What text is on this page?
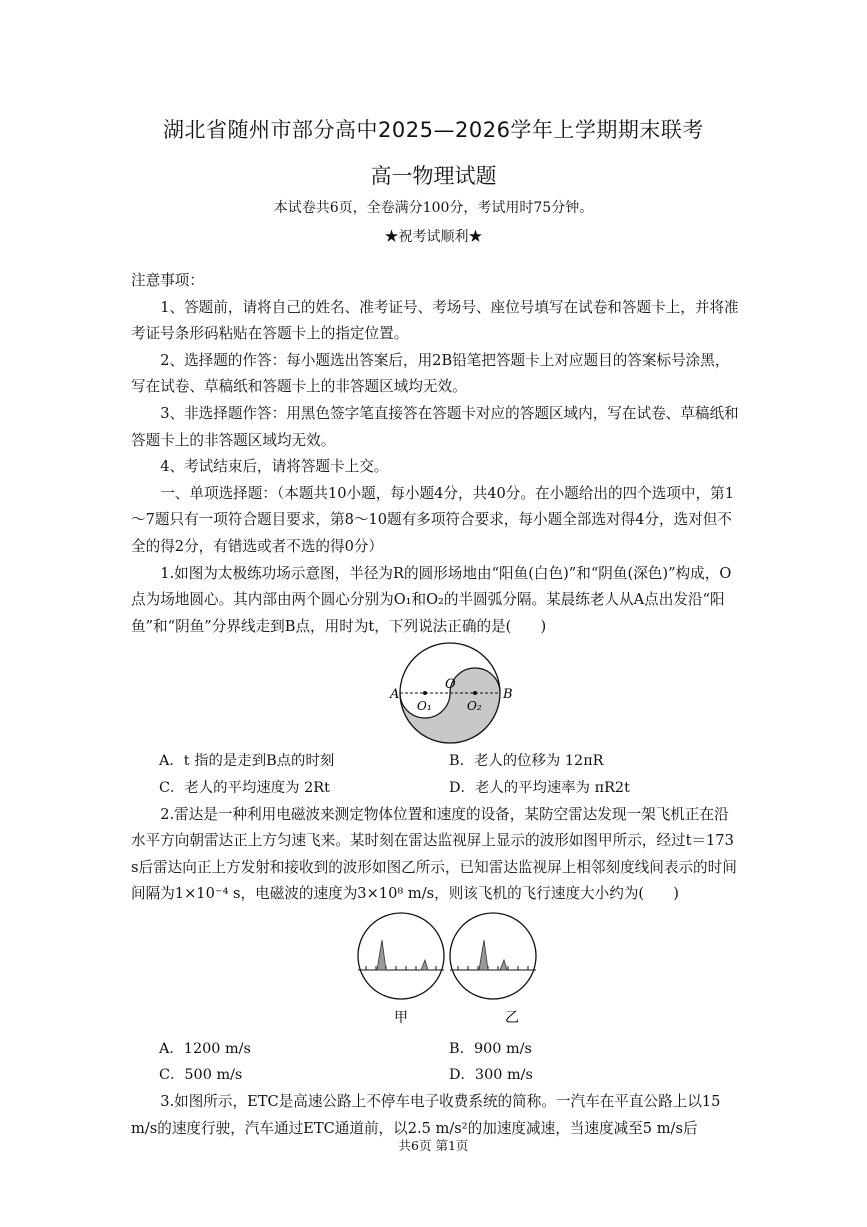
湖北省随州市部分高中2025—2026学年上学期期末联考
高一物理试题
本试卷共6页，全卷满分100分，考试用时75分钟。
★祝考试顺利★

注意事项：

1、答题前，请将自己的姓名、准考证号、考场号、座位号填写在试卷和答题卡上，并将准考证号条形码粘贴在答题卡上的指定位置。

2、选择题的作答：每小题选出答案后，用2B铅笔把答题卡上对应题目的答案标号涂黑，写在试卷、草稿纸和答题卡上的非答题区域均无效。

3、非选择题作答：用黑色签字笔直接答在答题卡对应的答题区域内，写在试卷、草稿纸和答题卡上的非答题区域均无效。

4、考试结束后，请将答题卡上交。

一、单项选择题：（本题共10小题，每小题4分，共40分。在小题给出的四个选项中，第1～7题只有一项符合题目要求，第8～10题有多项符合要求，每小题全部选对得4分，选对但不全的得2分，有错选或者不选的得0分）

1.如图为太极练功场示意图，半径为R的圆形场地由“阳鱼(白色)”和“阴鱼(深色)”构成，O点为场地圆心。其内部由两个圆心分别为O₁和O₂的半圆弧分隔。某晨练老人从A点出发沿“阳鱼”和“阴鱼”分界线走到B点，用时为t，下列说法正确的是(　　)

A	B
O
O₁	O₂
A．t 指的是走到B点的时刻	B．老人的位移为 12πR
C．老人的平均速度为 2Rt	D．老人的平均速率为 πR2t

2.雷达是一种利用电磁波来测定物体位置和速度的设备，某防空雷达发现一架飞机正在沿水平方向朝雷达正上方匀速飞来。某时刻在雷达监视屏上显示的波形如图甲所示，经过t＝173 s后雷达向正上方发射和接收到的波形如图乙所示，已知雷达监视屏上相邻刻度线间表示的时间间隔为1×10⁻⁴ s，电磁波的速度为3×10⁸ m/s，则该飞机的飞行速度大小约为(　　)

甲	乙
A．1200 m/s	B．900 m/s
C．500 m/s	D．300 m/s

3.如图所示，ETC是高速公路上不停车电子收费系统的简称。一汽车在平直公路上以15 m/s的速度行驶，汽车通过ETC通道前，以2.5 m/s²的加速度减速，当速度减至5 m/s后

共6页 第1页
